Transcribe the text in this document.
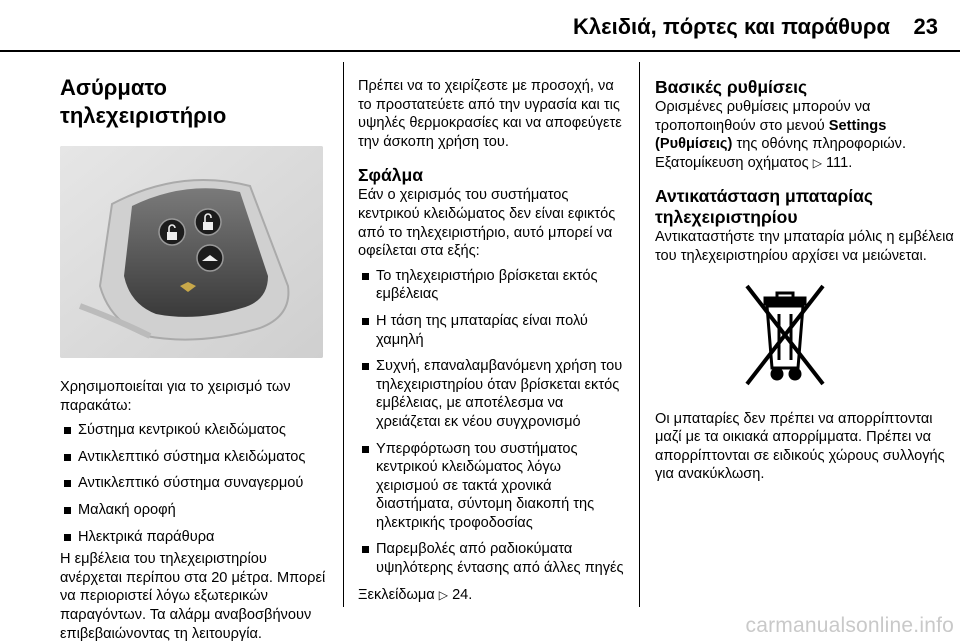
Κλειδιά, πόρτες και παράθυρα 23
Ασύρματο τηλεχειριστήριο

Χρησιμοποιείται για το χειρισμό των παρακάτω:

Σύστημα κεντρικού κλειδώματος
Αντικλεπτικό σύστημα κλειδώματος
Αντικλεπτικό σύστημα συναγερμού
Μαλακή οροφή
Ηλεκτρικά παράθυρα

Η εμβέλεια του τηλεχειριστηρίου ανέρχεται περίπου στα 20 μέτρα. Μπορεί να περιοριστεί λόγω εξωτερικών παραγόντων. Τα αλάρμ αναβοσβήνουν επιβεβαιώνοντας τη λειτουργία.

Πρέπει να το χειρίζεστε με προσοχή, να το προστατεύετε από την υγρασία και τις υψηλές θερμοκρασίες και να αποφεύγετε την άσκοπη χρήση του.

Σφάλμα

Εάν ο χειρισμός του συστήματος κεντρικού κλειδώματος δεν είναι εφικτός από το τηλεχειριστήριο, αυτό μπορεί να οφείλεται στα εξής:

Το τηλεχειριστήριο βρίσκεται εκτός εμβέλειας
Η τάση της μπαταρίας είναι πολύ χαμηλή
Συχνή, επαναλαμβανόμενη χρήση του τηλεχειριστηρίου όταν βρίσκεται εκτός εμβέλειας, με αποτέλεσμα να χρειάζεται εκ νέου συγχρονισμό
Υπερφόρτωση του συστήματος κεντρικού κλειδώματος λόγω χειρισμού σε τακτά χρονικά διαστήματα, σύντομη διακοπή της ηλεκτρικής τροφοδοσίας
Παρεμβολές από ραδιοκύματα υψηλότερης έντασης από άλλες πηγές

Ξεκλείδωμα ▷ 24.

Βασικές ρυθμίσεις

Ορισμένες ρυθμίσεις μπορούν να τροποποιηθούν στο μενού Settings (Ρυθμίσεις) της οθόνης πληροφοριών. Εξατομίκευση οχήματος ▷ 111.

Αντικατάσταση μπαταρίας τηλεχειριστηρίου

Αντικαταστήστε την μπαταρία μόλις η εμβέλεια του τηλεχειριστηρίου αρχίσει να μειώνεται.

Οι μπαταρίες δεν πρέπει να απορρίπτονται μαζί με τα οικιακά απορρίμματα. Πρέπει να απορρίπτονται σε ειδικούς χώρους συλλογής για ανακύκλωση.

carmanualsonline.info
